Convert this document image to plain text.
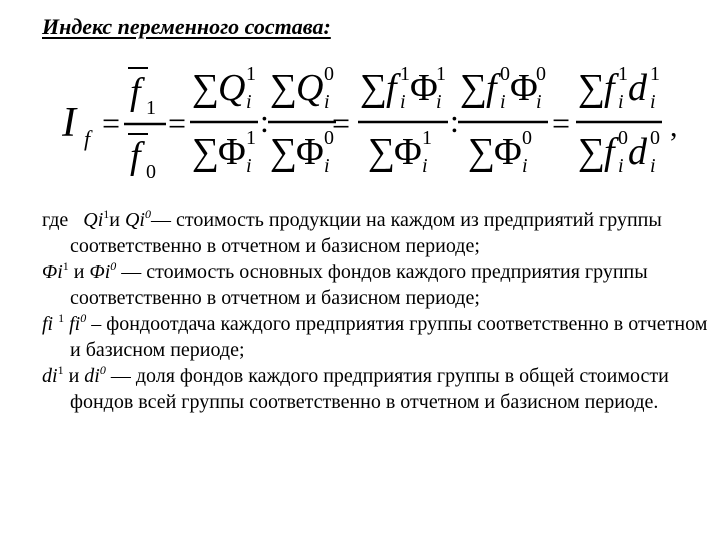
Индекс переменного состава:
I f =
f 1
f 0
=
∑
Q 1
i
∑
Φ 1
i
:
∑
Q 0
i
∑
Φ 0
i
=
∑
f 1
i Φ
1
i
∑
Φ 1
i
:
∑
f 0
i Φ
0
i
∑
Φ 0
i
=
∑
f 1
i d 1
i
∑
f 0
i d 0
i
,

где Qi$^1$и Qi$^0$— стоимость продукции на каждом из предприятий группы соответственно в отчетном и базисном периоде;

$\Phi i^1$ и $\Phi i^0$ — стоимость основных фондов каждого предприятия группы соответственно в отчетном и базисном периоде;

fi $^1$ $fi^0$ – фондоотдача каждого предприятия группы соответственно в отчетном и базисном периоде;

$di^1$ и $di^0$ — доля фондов каждого предприятия группы в общей стоимости фондов всей группы соответственно в отчетном и базисном периоде.
